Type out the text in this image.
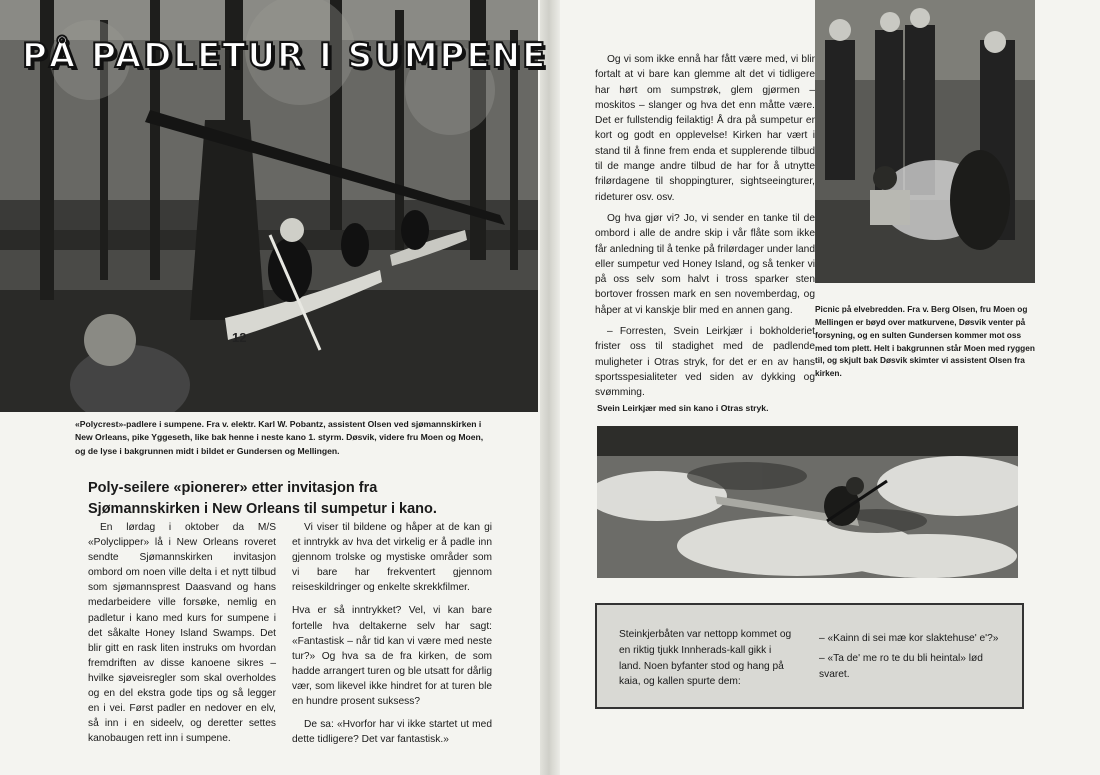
12
PÅ PADLETUR I SUMPENE
«Polycrest»-padlere i sumpene. Fra v. elektr. Karl W. Pobantz, assistent Olsen ved sjømannskirken i New Orleans, pike Yggeseth, like bak henne i neste kano 1. styrm. Døsvik, videre fru Moen og Moen, og de lyse i bakgrunnen midt i bildet er Gundersen og Mellingen.
Poly-seilere «pionerer» etter invitasjon fra Sjømannskirken i New Orleans til sumpetur i kano.

En lørdag i oktober da M/S «Polyclipper» lå i New Orleans roveret sendte Sjømannskirken invitasjon ombord om noen ville delta i et nytt tilbud som sjømannsprest Daasvand og hans medarbeidere ville forsøke, nemlig en padletur i kano med kurs for sumpene i det såkalte Honey Island Swamps. Det blir gitt en rask liten instruks om hvordan fremdriften av disse kanoene sikres – hvilke sjøveisregler som skal overholdes og en del ekstra gode tips og så legger en i vei. Først padler en nedover en elv, så inn i en sideelv, og deretter settes kanobaugen rett inn i sumpene.

Vi viser til bildene og håper at de kan gi et inntrykk av hva det virkelig er å padle inn gjennom trolske og mystiske områder som vi bare har frekventert gjennom reiseskildringer og enkelte skrekkfilmer.

Hva er så inntrykket? Vel, vi kan bare fortelle hva deltakerne selv har sagt: «Fantastisk – når tid kan vi være med neste tur?» Og hva sa de fra kirken, de som hadde arrangert turen og ble utsatt for dårlig vær, som likevel ikke hindret for at turen ble en hundre prosent suksess?

De sa: «Hvorfor har vi ikke startet ut med dette tidligere? Det var fantastisk.»

Og vi som ikke ennå har fått være med, vi blir fortalt at vi bare kan glemme alt det vi tidligere har hørt om sumpstrøk, glem gjørmen – moskitos – slanger og hva det enn måtte være. Det er fullstendig feilaktig! Å dra på sumpetur er kort og godt en opplevelse! Kirken har vært i stand til å finne frem enda et supplerende tilbud til de mange andre tilbud de har for å utnytte frilørdagene til shoppingturer, sightseeingturer, rideturer osv. osv.

Og hva gjør vi? Jo, vi sender en tanke til de ombord i alle de andre skip i vår flåte som ikke får anledning til å tenke på frilørdager under land eller sumpetur ved Honey Island, og så tenker vi på oss selv som halvt i tross sparker sten bortover frossen mark en sen novemberdag, og håper at vi kanskje blir med en annen gang.

– Forresten, Svein Leirkjær i bokholderiet frister oss til stadighet med de padlende muligheter i Otras stryk, for det er en av hans sportsspesialiteter ved siden av dykking og svømming.

Picnic på elvebredden. Fra v. Berg Olsen, fru Moen og Mellingen er bøyd over matkurvene, Døsvik venter på forsyning, og en sulten Gundersen kommer mot oss med tom plett. Helt i bakgrunnen står Moen med ryggen til, og skjult bak Døsvik skimter vi assistent Olsen fra kirken.
Svein Leirkjær med sin kano i Otras stryk.
Steinkjerbåten var nettopp kommet og en riktig tjukk Innherads-kall gikk i land. Noen byfanter stod og hang på kaia, og kallen spurte dem:

– «Kainn di sei mæ kor slaktehuse' e'?»

– «Ta de' me ro te du bli heintal» lød svaret.
